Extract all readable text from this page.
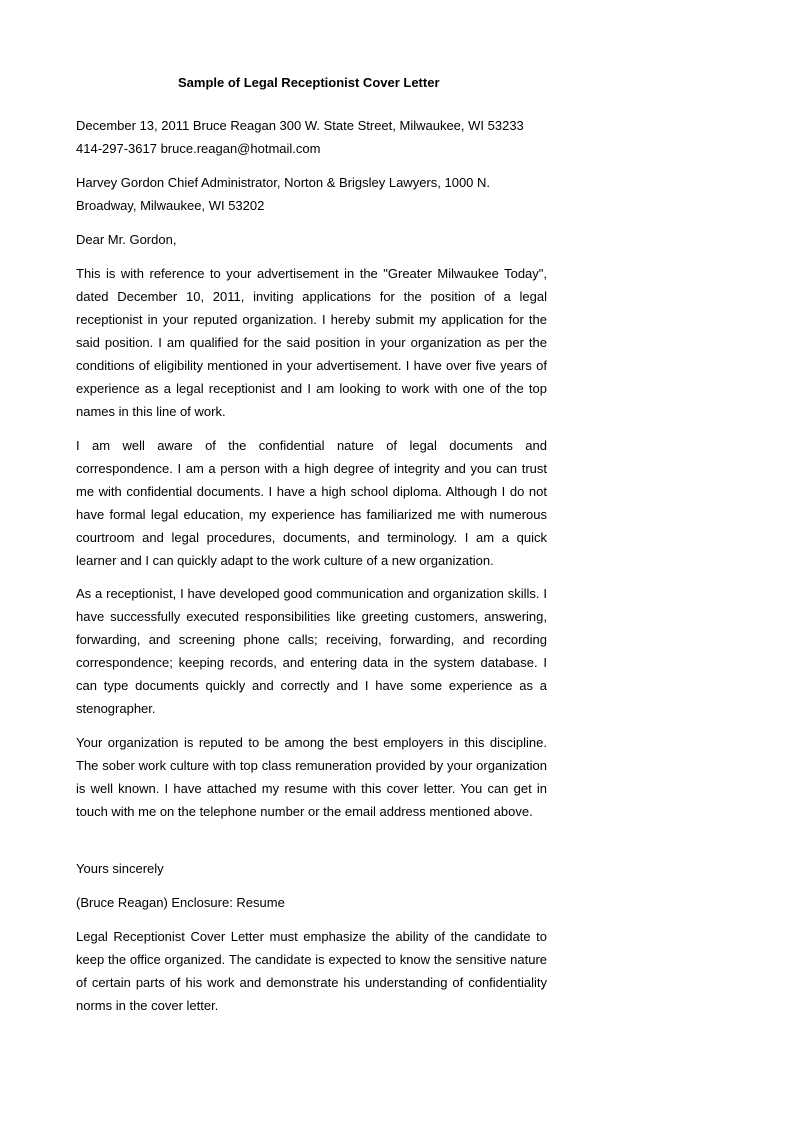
Sample of Legal Receptionist Cover Letter
December 13, 2011 Bruce Reagan 300 W. State Street, Milwaukee, WI 53233
414-297-3617 bruce.reagan@hotmail.com
Harvey Gordon Chief Administrator, Norton & Brigsley Lawyers, 1000 N.
Broadway, Milwaukee, WI 53202

Dear Mr. Gordon,

This is with reference to your advertisement in the "Greater Milwaukee Today", dated December 10, 2011, inviting applications for the position of a legal receptionist in your reputed organization. I hereby submit my application for the said position. I am qualified for the said position in your organization as per the conditions of eligibility mentioned in your advertisement. I have over five years of experience as a legal receptionist and I am looking to work with one of the top names in this line of work.

I am well aware of the confidential nature of legal documents and correspondence. I am a person with a high degree of integrity and you can trust me with confidential documents. I have a high school diploma. Although I do not have formal legal education, my experience has familiarized me with numerous courtroom and legal procedures, documents, and terminology. I am a quick learner and I can quickly adapt to the work culture of a new organization.

As a receptionist, I have developed good communication and organization skills. I have successfully executed responsibilities like greeting customers, answering, forwarding, and screening phone calls; receiving, forwarding, and recording correspondence; keeping records, and entering data in the system database. I can type documents quickly and correctly and I have some experience as a stenographer.

Your organization is reputed to be among the best employers in this discipline. The sober work culture with top class remuneration provided by your organization is well known. I have attached my resume with this cover letter. You can get in touch with me on the telephone number or the email address mentioned above.

Yours sincerely

(Bruce Reagan) Enclosure: Resume

Legal Receptionist Cover Letter must emphasize the ability of the candidate to keep the office organized. The candidate is expected to know the sensitive nature of certain parts of his work and demonstrate his understanding of confidentiality norms in the cover letter.
